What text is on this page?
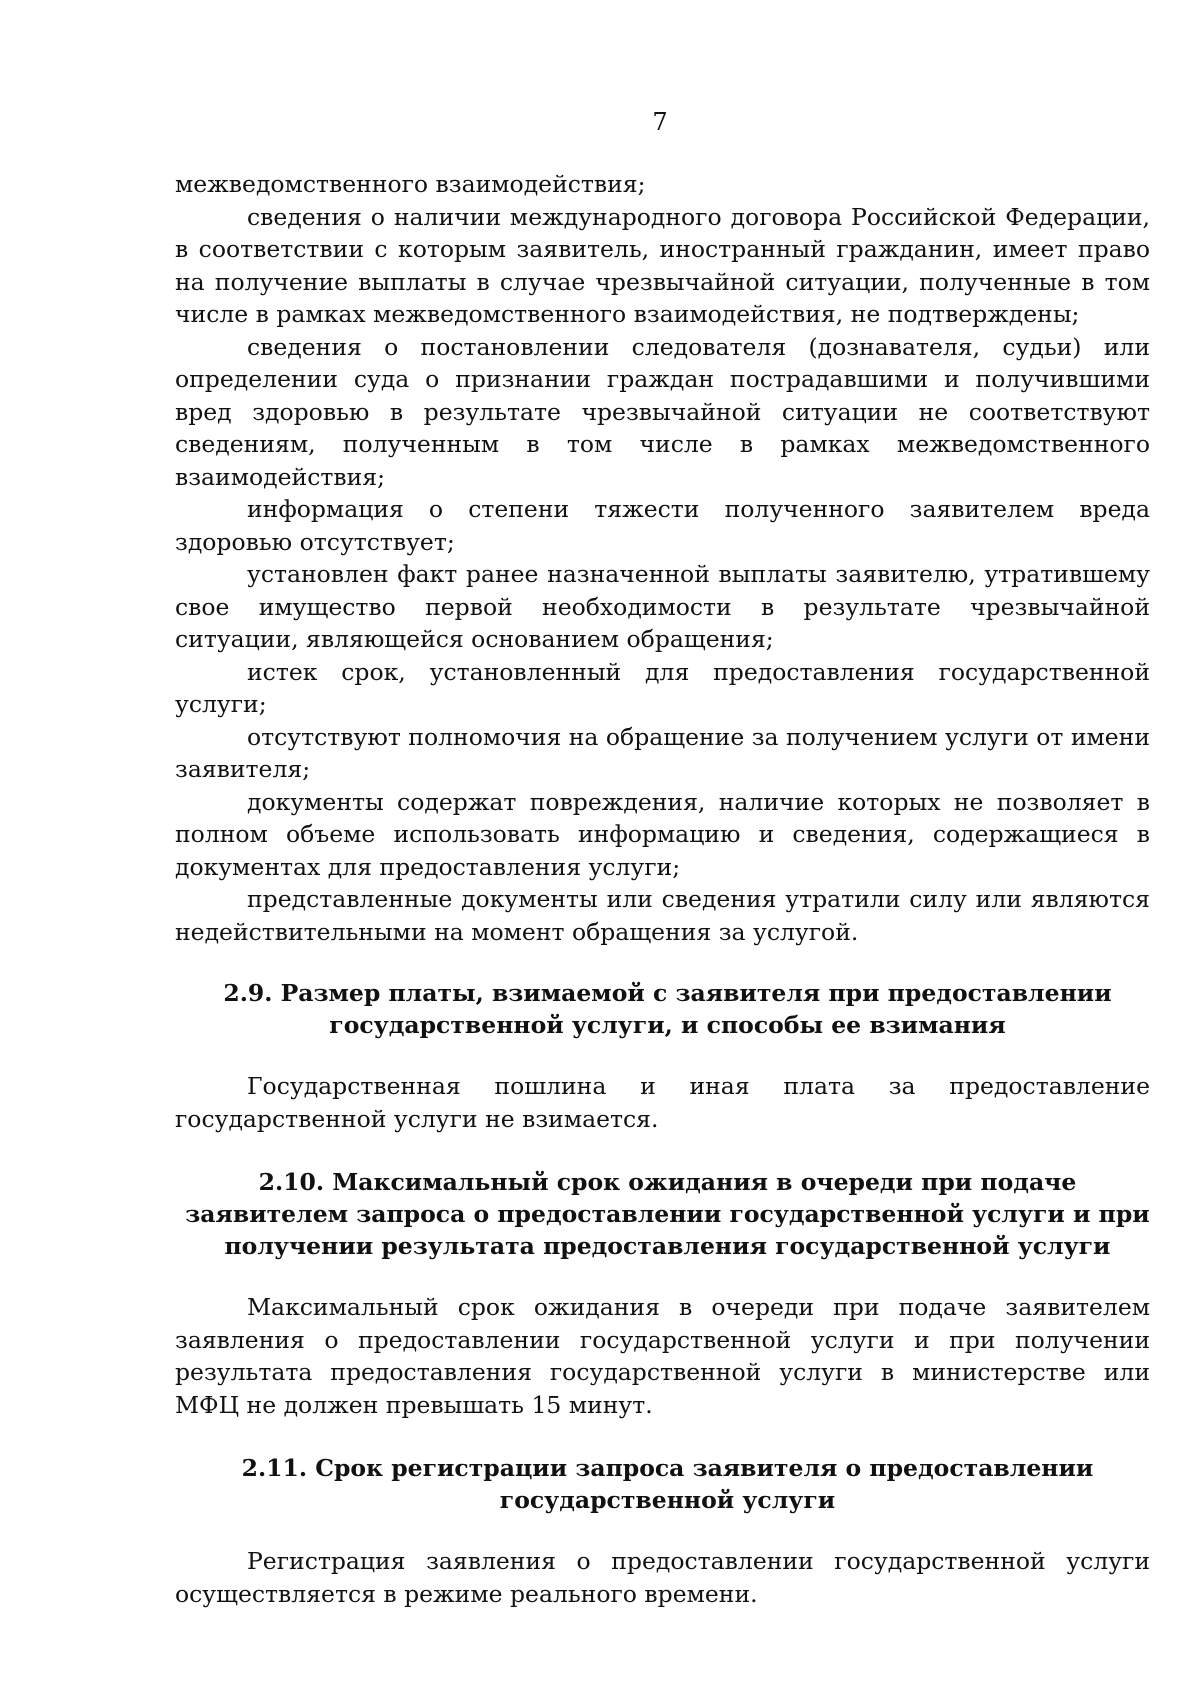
7

межведомственного взаимодействия;

сведения о наличии международного договора Российской Федерации, в соответствии с которым заявитель, иностранный гражданин, имеет право на получение выплаты в случае чрезвычайной ситуации, полученные в том числе в рамках межведомственного взаимодействия, не подтверждены;

сведения о постановлении следователя (дознавателя, судьи) или определении суда о признании граждан пострадавшими и получившими вред здоровью в результате чрезвычайной ситуации не соответствуют сведениям, полученным в том числе в рамках межведомственного взаимодействия;

информация о степени тяжести полученного заявителем вреда здоровью отсутствует;

установлен факт ранее назначенной выплаты заявителю, утратившему свое имущество первой необходимости в результате чрезвычайной ситуации, являющейся основанием обращения;

истек срок, установленный для предоставления государственной услуги;

отсутствуют полномочия на обращение за получением услуги от имени заявителя;

документы содержат повреждения, наличие которых не позволяет в полном объеме использовать информацию и сведения, содержащиеся в документах для предоставления услуги;

представленные документы или сведения утратили силу или являются недействительными на момент обращения за услугой.

2.9. Размер платы, взимаемой с заявителя при предоставлении
государственной услуги, и способы ее взимания

Государственная пошлина и иная плата за предоставление государственной услуги не взимается.

2.10. Максимальный срок ожидания в очереди при подаче
заявителем запроса о предоставлении государственной услуги и при
получении результата предоставления государственной услуги

Максимальный срок ожидания в очереди при подаче заявителем заявления о предоставлении государственной услуги и при получении результата предоставления государственной услуги в министерстве или МФЦ не должен превышать 15 минут.

2.11. Срок регистрации запроса заявителя о предоставлении
государственной услуги

Регистрация заявления о предоставлении государственной услуги осуществляется в режиме реального времени.
